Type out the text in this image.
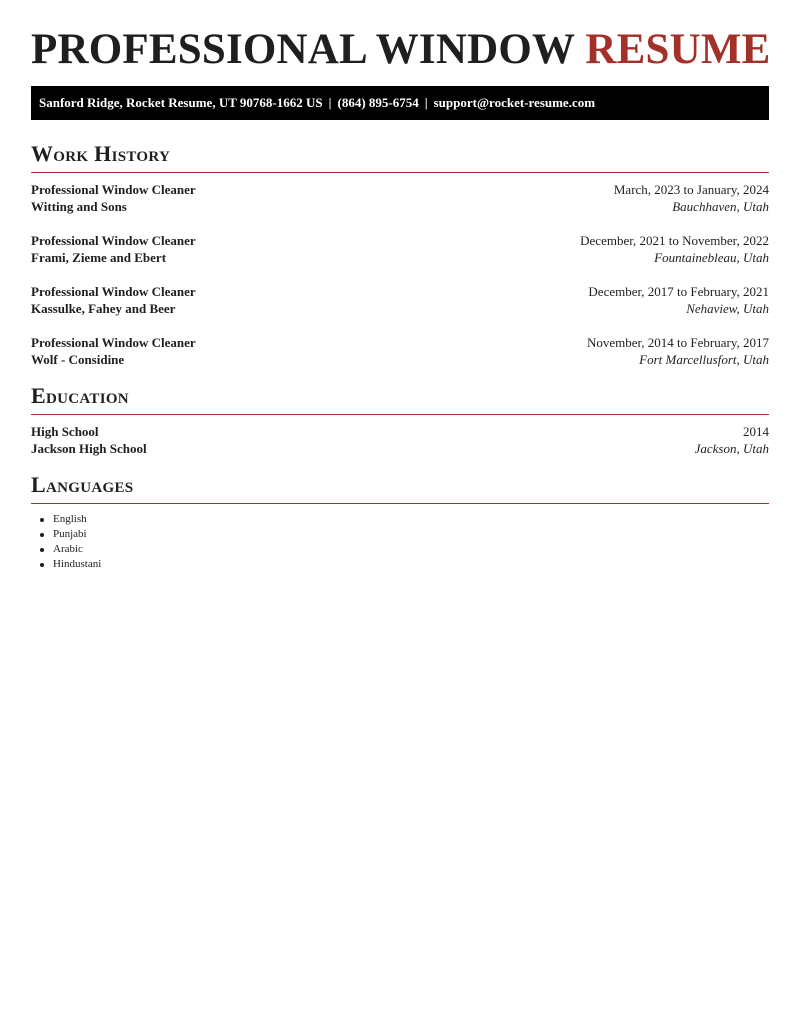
PROFESSIONAL WINDOW RESUME
Sanford Ridge, Rocket Resume, UT 90768-1662 US | (864) 895-6754 | support@rocket-resume.com
Work History
Professional Window Cleaner	March, 2023 to January, 2024
Witting and Sons	Bauchhaven, Utah
Professional Window Cleaner	December, 2021 to November, 2022
Frami, Zieme and Ebert	Fountainebleau, Utah
Professional Window Cleaner	December, 2017 to February, 2021
Kassulke, Fahey and Beer	Nehaview, Utah
Professional Window Cleaner	November, 2014 to February, 2017
Wolf - Considine	Fort Marcellusfort, Utah
Education
High School	2014
Jackson High School	Jackson, Utah
Languages
English
Punjabi
Arabic
Hindustani
